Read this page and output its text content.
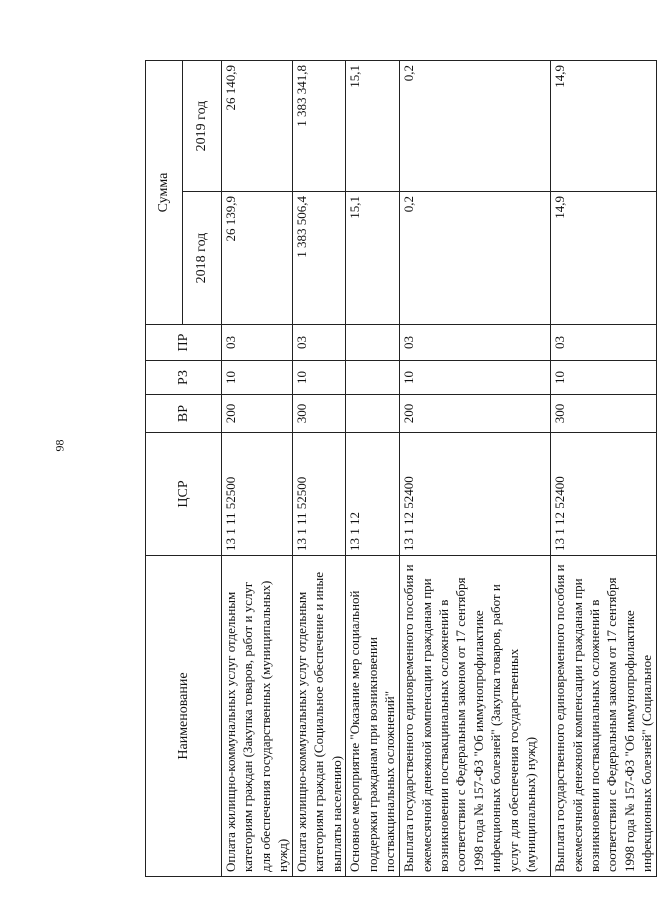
98
Наименование	ЦСР	ВР	РЗ	ПР	Сумма	
					2018 год	2019 год
Оплата жилищно-коммунальных услуг отдельным категориям граждан (Закупка товаров, работ и услуг для обеспечения государственных (муниципальных) нужд)	13 1 11 52500	200	10	03	26 139,9	26 140,9
Оплата жилищно-коммунальных услуг отдельным категориям граждан (Социальное обеспечение и иные выплаты населению)	13 1 11 52500	300	10	03	1 383 506,4	1 383 341,8
Основное мероприятие "Оказание мер социальной поддержки гражданам при возникновении поствакцинальных осложнений"	13 1 12				15,1	15,1
Выплата государственного единовременного пособия и ежемесячной денежной компенсации гражданам при возникновении поствакцинальных осложнений в соответствии с Федеральным законом от 17 сентября 1998 года № 157-ФЗ "Об иммунопрофилактике инфекционных болезней" (Закупка товаров, работ и услуг для обеспечения государственных (муниципальных) нужд)	13 1 12 52400	200	10	03	0,2	0,2
Выплата государственного единовременного пособия и ежемесячной денежной компенсации гражданам при возникновении поствакцинальных осложнений в соответствии с Федеральным законом от 17 сентября 1998 года № 157-ФЗ "Об иммунопрофилактике инфекционных болезней" (Социальное	13 1 12 52400	300	10	03	14,9	14,9
